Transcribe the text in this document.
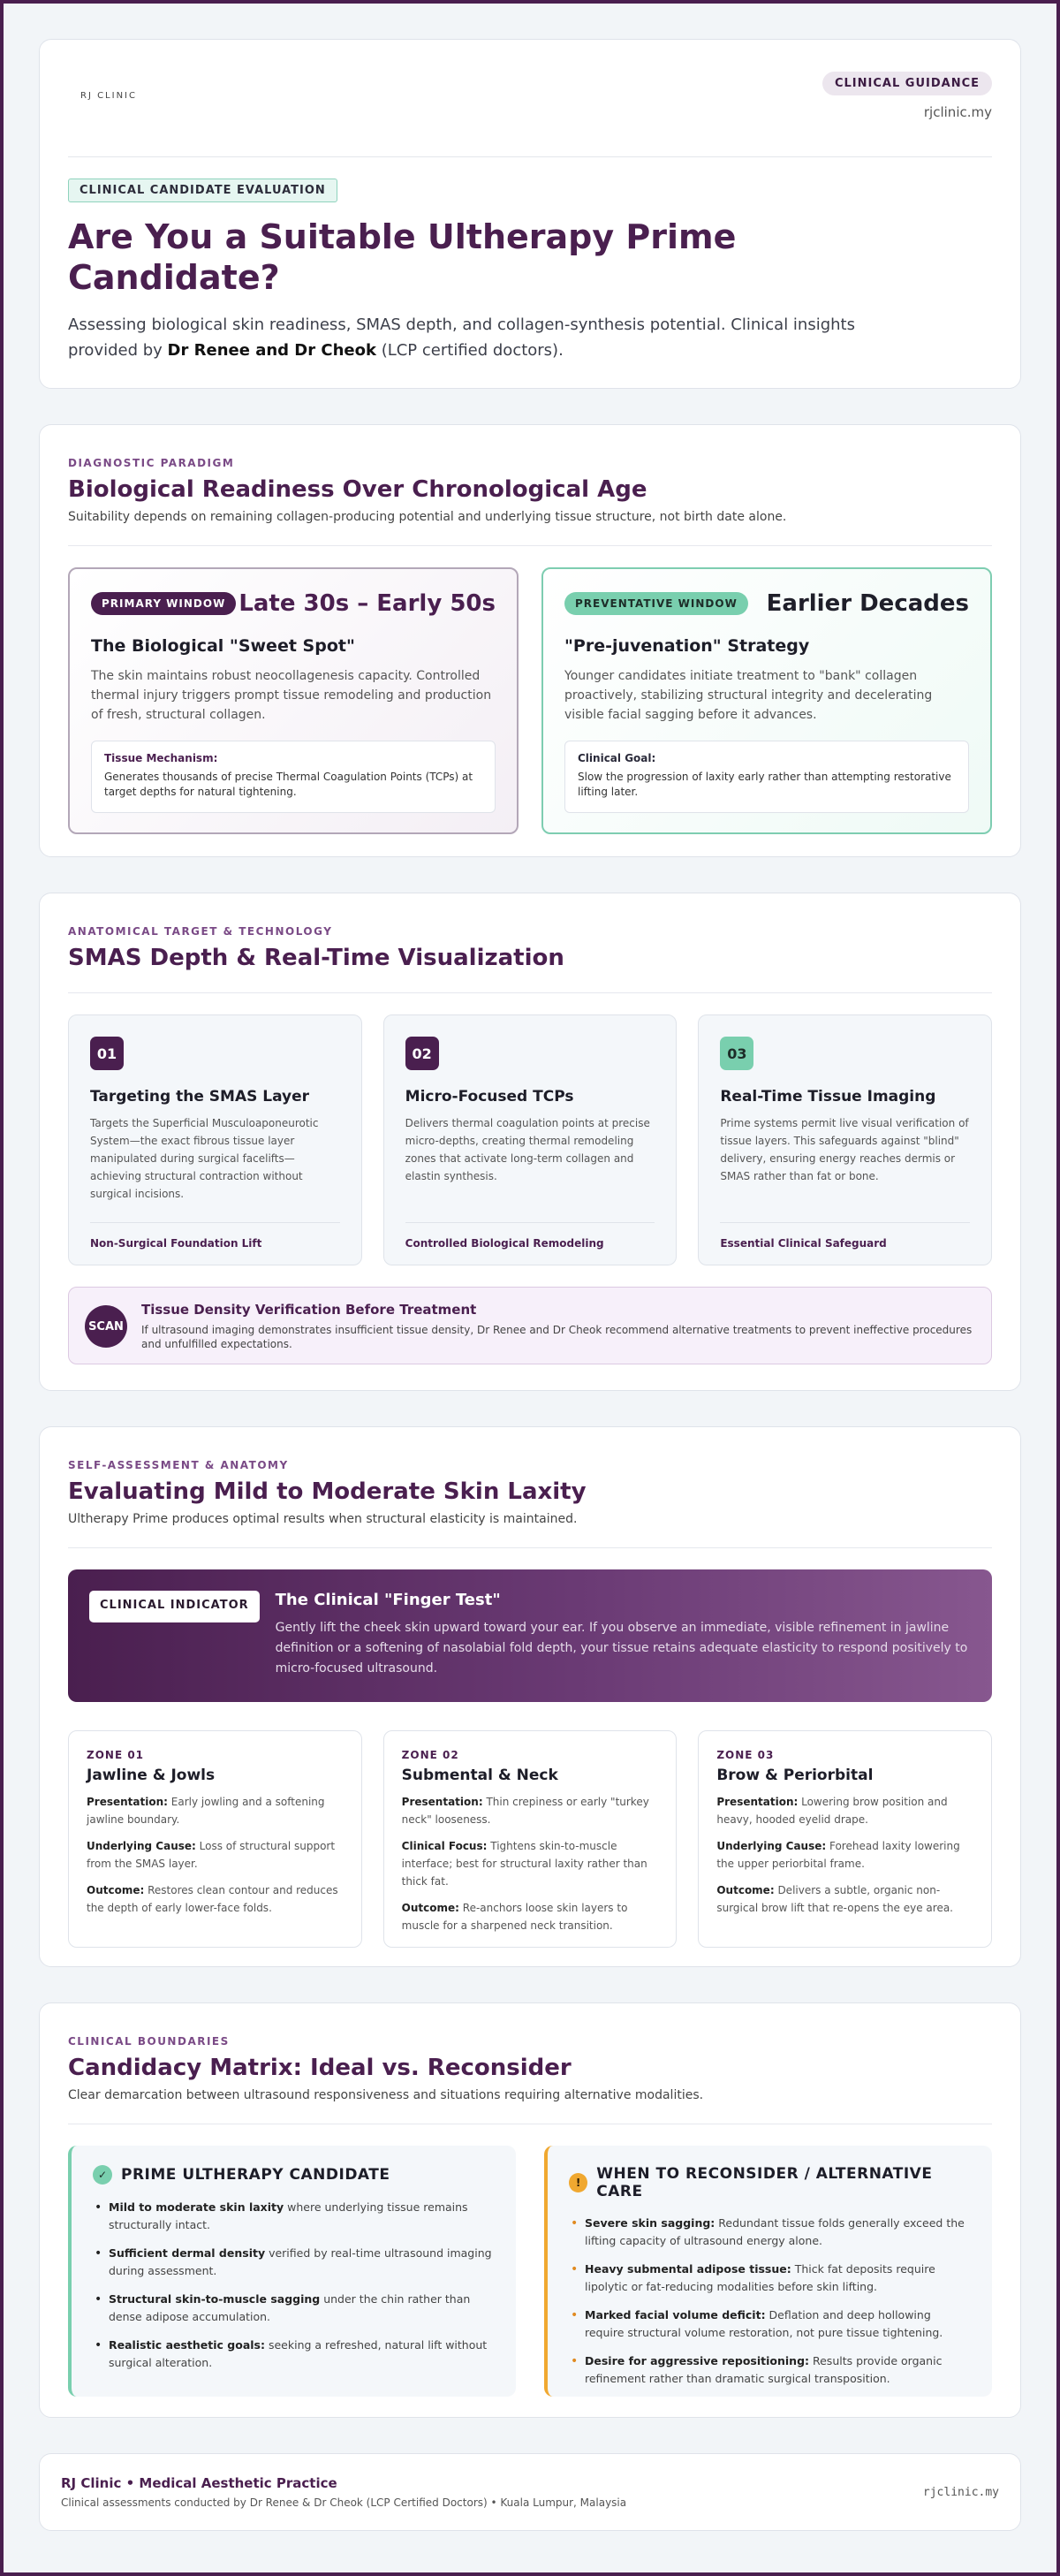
RJ CLINIC
CLINICAL GUIDANCE
rjclinic.my
CLINICAL CANDIDATE EVALUATION
Are You a Suitable Ultherapy Prime Candidate?

Assessing biological skin readiness, SMAS depth, and collagen-synthesis potential. Clinical insights provided by Dr Renee and Dr Cheok (LCP certified doctors).

DIAGNOSTIC PARADIGM
Biological Readiness Over Chronological Age
Suitability depends on remaining collagen-producing potential and underlying tissue structure, not birth date alone.
PRIMARY WINDOW Late 30s – Early 50s
The Biological "Sweet Spot"
The skin maintains robust neocollagenesis capacity. Controlled thermal injury triggers prompt tissue remodeling and production of fresh, structural collagen.
Tissue Mechanism:
Generates thousands of precise Thermal Coagulation Points (TCPs) at target depths for natural tightening.
PREVENTATIVE WINDOW	Earlier Decades
"Pre-juvenation" Strategy
Younger candidates initiate treatment to "bank" collagen proactively, stabilizing structural integrity and decelerating visible facial sagging before it advances.
Clinical Goal:
Slow the progression of laxity early rather than attempting restorative lifting later.
ANATOMICAL TARGET & TECHNOLOGY
SMAS Depth & Real-Time Visualization
01
Targeting the SMAS Layer
Targets the Superficial Musculoaponeurotic System—the exact fibrous tissue layer manipulated during surgical facelifts—achieving structural contraction without surgical incisions.
Non-Surgical Foundation Lift
02
Micro-Focused TCPs
Delivers thermal coagulation points at precise micro-depths, creating thermal remodeling zones that activate long-term collagen and elastin synthesis.
Controlled Biological Remodeling
03
Real-Time Tissue Imaging
Prime systems permit live visual verification of tissue layers. This safeguards against "blind" delivery, ensuring energy reaches dermis or SMAS rather than fat or bone.
Essential Clinical Safeguard
SCAN
Tissue Density Verification Before Treatment
If ultrasound imaging demonstrates insufficient tissue density, Dr Renee and Dr Cheok recommend alternative treatments to prevent ineffective procedures and unfulfilled expectations.
SELF-ASSESSMENT & ANATOMY
Evaluating Mild to Moderate Skin Laxity
Ultherapy Prime produces optimal results when structural elasticity is maintained.
CLINICAL INDICATOR	The Clinical "Finger Test"
Gently lift the cheek skin upward toward your ear. If you observe an immediate, visible refinement in jawline definition or a softening of nasolabial fold depth, your tissue retains adequate elasticity to respond positively to micro-focused ultrasound.
ZONE 01
Jawline & Jowls

Presentation: Early jowling and a softening jawline boundary.

Underlying Cause: Loss of structural support from the SMAS layer.

Outcome: Restores clean contour and reduces the depth of early lower-face folds.

ZONE 02
Submental & Neck

Presentation: Thin crepiness or early "turkey neck" looseness.

Clinical Focus: Tightens skin-to-muscle interface; best for structural laxity rather than thick fat.

Outcome: Re-anchors loose skin layers to muscle for a sharpened neck transition.

ZONE 03
Brow & Periorbital

Presentation: Lowering brow position and heavy, hooded eyelid drape.

Underlying Cause: Forehead laxity lowering the upper periorbital frame.

Outcome: Delivers a subtle, organic non-surgical brow lift that re-opens the eye area.

CLINICAL BOUNDARIES
Candidacy Matrix: Ideal vs. Reconsider
Clear demarcation between ultrasound responsiveness and situations requiring alternative modalities.
✓ PRIME ULTHERAPY CANDIDATE
• Mild to moderate skin laxity where underlying tissue remains structurally intact.
• Sufficient dermal density verified by real-time ultrasound imaging during assessment.
• Structural skin-to-muscle sagging under the chin rather than dense adipose accumulation.
• Realistic aesthetic goals: seeking a refreshed, natural lift without surgical alteration.
!	WHEN TO RECONSIDER / ALTERNATIVE CARE
• Severe skin sagging: Redundant tissue folds generally exceed the lifting capacity of ultrasound energy alone.
• Heavy submental adipose tissue: Thick fat deposits require lipolytic or fat-reducing modalities before skin lifting.
• Marked facial volume deficit: Deflation and deep hollowing require structural volume restoration, not pure tissue tightening.
• Desire for aggressive repositioning: Results provide organic refinement rather than dramatic surgical transposition.
RJ Clinic • Medical Aesthetic Practice
Clinical assessments conducted by Dr Renee & Dr Cheok (LCP Certified Doctors) • Kuala Lumpur, Malaysia
rjclinic.my
